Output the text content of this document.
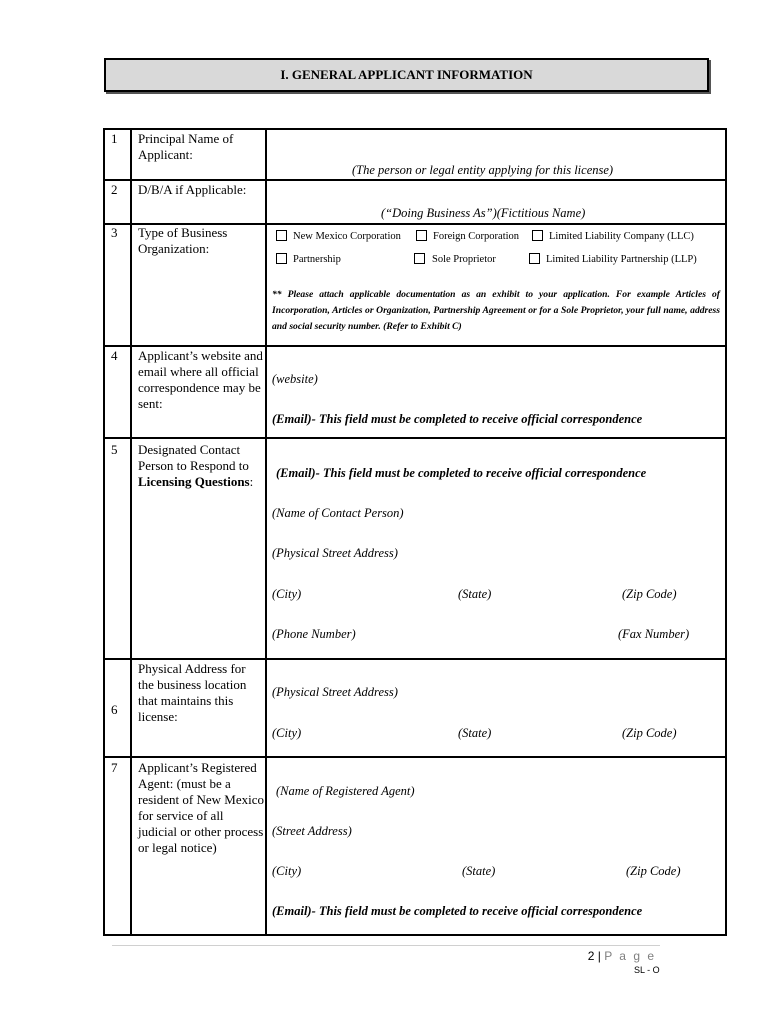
I. GENERAL APPLICANT INFORMATION
1 Principal Name of Applicant:
(The person or legal entity applying for this license)
2 D/B/A if Applicable:
(“Doing Business As”)(Fictitious Name)
3 Type of Business Organization:
New Mexico Corporation	Foreign Corporation	Limited Liability Company (LLC)
Partnership	Sole Proprietor	Limited Liability Partnership (LLP)
** Please attach applicable documentation as an exhibit to your application. For example Articles of Incorporation, Articles or Organization, Partnership Agreement or for a Sole Proprietor, your full name, address and social security number. (Refer to Exhibit C)
4 Applicant’s website and email where all official correspondence may be sent:
(website)
(Email)- This field must be completed to receive official correspondence
5 Designated Contact Person to Respond to Licensing Questions:
(Email)- This field must be completed to receive official correspondence
(Name of Contact Person)
(Physical Street Address)
(City)	(State)	(Zip Code)
(Phone Number)	(Fax Number)
6
Physical Address for the business location that maintains this license:
(Physical Street Address)
(City)	(State)	(Zip Code)
7 Applicant’s Registered Agent: (must be a resident of New Mexico for service of all judicial or other process or legal notice)
(Name of Registered Agent)
(Street Address)
(City)	(State)	(Zip Code)
(Email)- This field must be completed to receive official correspondence
2 | P a g e
SL - O
